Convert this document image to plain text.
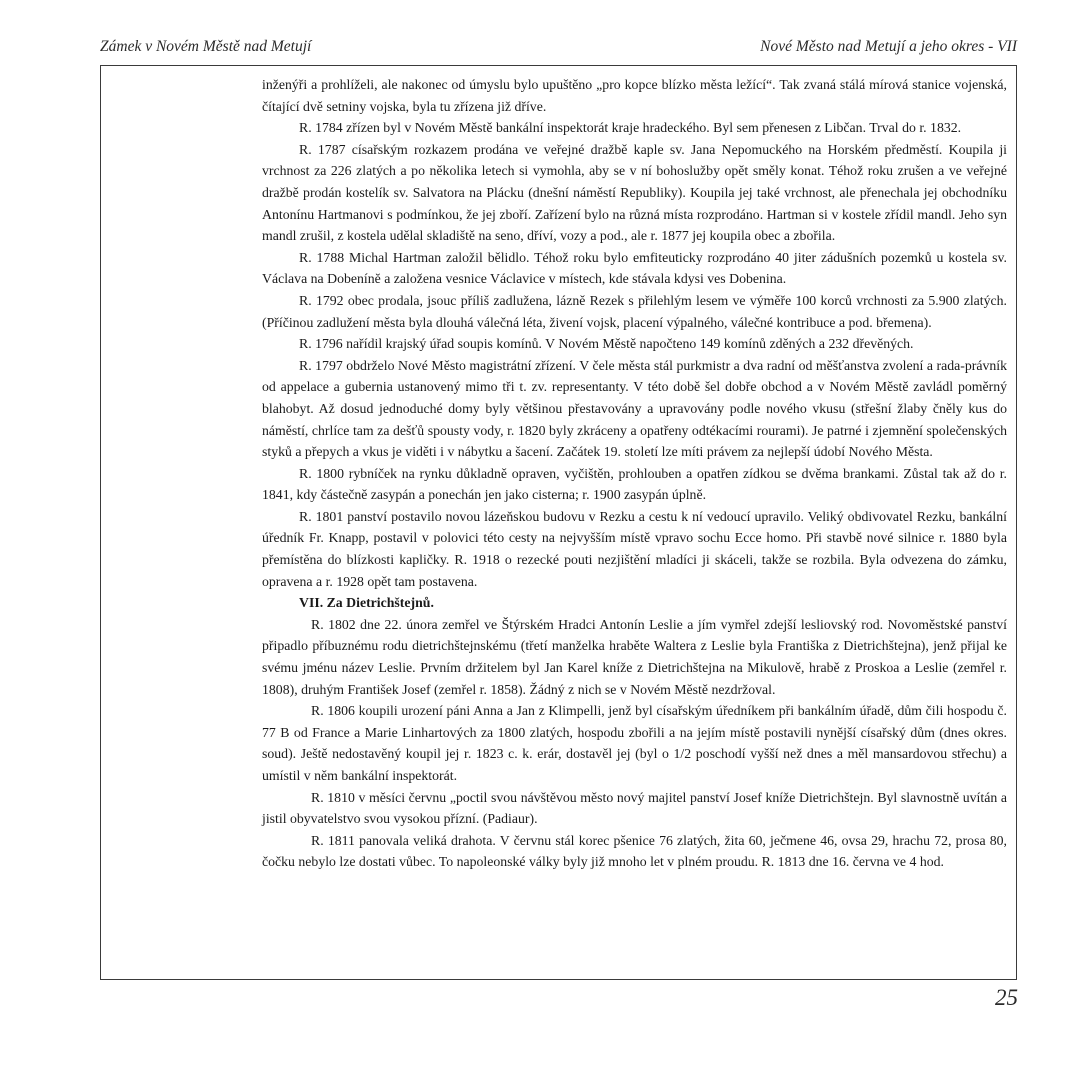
Zámek v Novém Městě nad Metují	Nové Město nad Metují a jeho okres - VII

inženýři a prohlíželi, ale nakonec od úmyslu bylo upuštěno „pro kopce blízko města ležící“. Tak zvaná stálá mírová stanice vojenská, čítající dvě setniny vojska, byla tu zřízena již dříve.

R. 1784 zřízen byl v Novém Městě bankální inspektorát kraje hradeckého. Byl sem přenesen z Libčan. Trval do r. 1832.

R. 1787 císařským rozkazem prodána ve veřejné dražbě kaple sv. Jana Nepomuckého na Horském předměstí. Koupila ji vrchnost za 226 zlatých a po několika letech si vymohla, aby se v ní bohoslužby opět směly konat. Téhož roku zrušen a ve veřejné dražbě prodán kostelík sv. Salvatora na Plácku (dnešní náměstí Republiky). Koupila jej také vrchnost, ale přenechala jej obchodníku Antonínu Hartmanovi s podmínkou, že jej zboří. Zařízení bylo na různá místa rozprodáno. Hartman si v kostele zřídil mandl. Jeho syn mandl zrušil, z kostela udělal skladiště na seno, dříví, vozy a pod., ale r. 1877 jej koupila obec a zbořila.

R. 1788 Michal Hartman založil bělidlo. Téhož roku bylo emfiteuticky rozprodáno 40 jiter zádušních pozemků u kostela sv. Václava na Dobenínĕ a založena vesnice Václavice v místech, kde stávala kdysi ves Dobenina.

R. 1792 obec prodala, jsouc příliš zadlužena, lázně Rezek s přilehlým lesem ve výměře 100 korců vrchnosti za 5.900 zlatých. (Příčinou zadlužení města byla dlouhá válečná léta, živení vojsk, placení výpalného, válečné kontribuce a pod. břemena).

R. 1796 nařídil krajský úřad soupis komínů. V Novém Městě napočteno 149 komínů zděných a 232 dřevěných.

R. 1797 obdrželo Nové Město magistrátní zřízení. V čele města stál purkmistr a dva radní od měšťanstva zvolení a rada-právník od appelace a gubernia ustanovený mimo tři t. zv. representanty. V této době šel dobře obchod a v Novém Městě zavládl poměrný blahobyt. Až dosud jednoduché domy byly většinou přestavovány a upravovány podle nového vkusu (střešní žlaby čněly kus do náměstí, chrlíce tam za dešťů spousty vody, r. 1820 byly zkráceny a opatřeny odtékacími rourami). Je patrné i zjemnění společenských styků a přepych a vkus je viděti i v nábytku a šacení. Začátek 19. století lze míti právem za nejlepší údobí Nového Města.

R. 1800 rybníček na rynku důkladně opraven, vyčištěn, prohlouben a opatřen zídkou se dvěma brankami. Zůstal tak až do r. 1841, kdy částečně zasypán a ponechán jen jako cisterna; r. 1900 zasypán úplně.

R. 1801 panství postavilo novou lázeňskou budovu v Rezku a cestu k ní vedoucí upravilo. Veliký obdivovatel Rezku, bankální úředník Fr. Knapp, postavil v polovici této cesty na nejvyšším místě vpravo sochu Ecce homo. Při stavbě nové silnice r. 1880 byla přemístěna do blízkosti kapličky. R. 1918 o rezecké pouti nezjištění mladíci ji skáceli, takže se rozbila. Byla odvezena do zámku, opravena a r. 1928 opět tam postavena.

VII. Za Dietrichštejnů.

R. 1802 dne 22. února zemřel ve Štýrském Hradci Antonín Leslie a jím vymřel zdejší lesliovský rod. Novoměstské panství připadlo příbuznému rodu dietrichštejnskému (třetí manželka hraběte Waltera z Leslie byla Františka z Dietrichštejna), jenž přijal ke svému jménu název Leslie. Prvním držitelem byl Jan Karel kníže z Dietrichštejna na Mikulově, hrabě z Proskoa a Leslie (zemřel r. 1808), druhým František Josef (zemřel r. 1858). Žádný z nich se v Novém Městě nezdržoval.

R. 1806 koupili urození páni Anna a Jan z Klimpelli, jenž byl císařským úředníkem při bankálním úřadě, dům čili hospodu č. 77 B od France a Marie Linhartových za 1800 zlatých, hospodu zbořili a na jejím místě postavili nynější císařský dům (dnes okres. soud). Ještě nedostavěný koupil jej r. 1823 c. k. erár, dostavěl jej (byl o 1/2 poschodí vyšší než dnes a měl mansardovou střechu) a umístil v něm bankální inspektorát.

R. 1810 v měsíci červnu „poctil svou návštěvou město nový majitel panství Josef kníže Dietrichštejn. Byl slavnostně uvítán a jistil obyvatelstvo svou vysokou přízní. (Padiaur).

R. 1811 panovala veliká drahota. V červnu stál korec pšenice 76 zlatých, žita 60, ječmene 46, ovsa 29, hrachu 72, prosa 80, čočku nebylo lze dostati vůbec. To napoleonské války byly již mnoho let v plném proudu. R. 1813 dne 16. června ve 4 hod.

25
